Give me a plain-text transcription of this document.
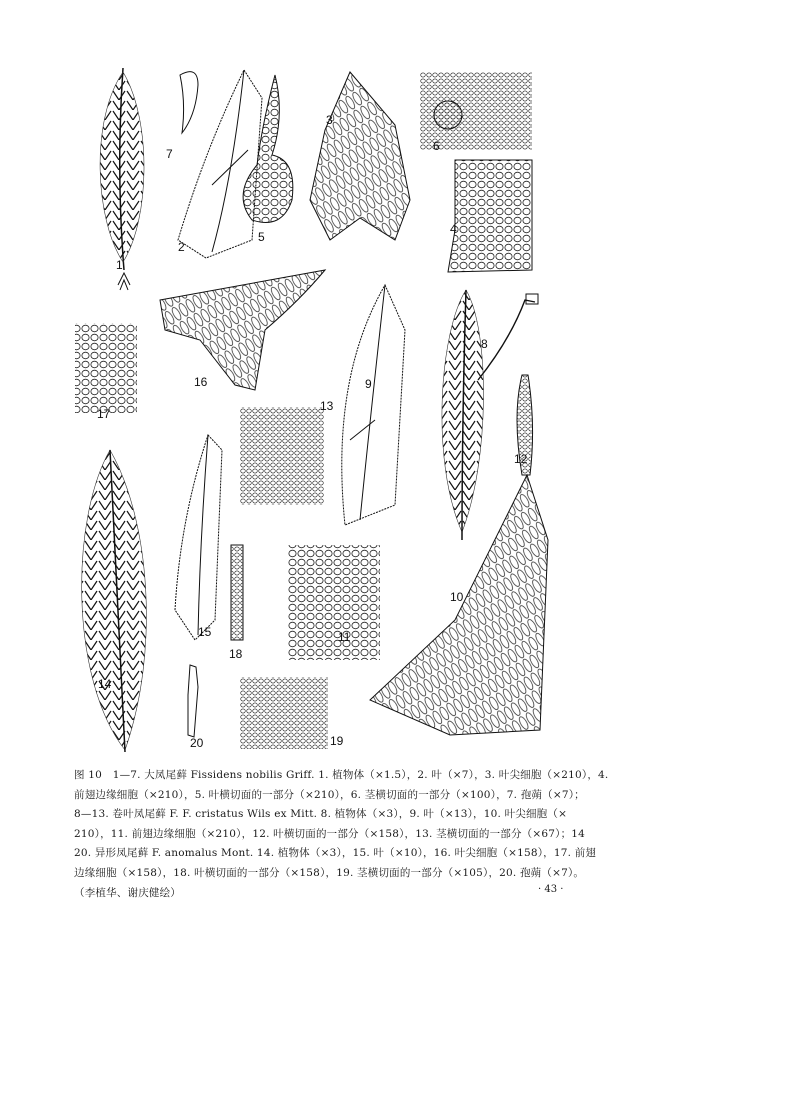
1
2
3
4
5
6
7
8
9
10
11
12
13
14
15
16
17
18
19
20
图 10　1—7. 大凤尾藓 Fissidens nobilis Griff. 1. 植物体（×1.5），2. 叶（×7），3. 叶尖细胞（×210），4.
前翅边缘细胞（×210），5. 叶横切面的一部分（×210），6. 茎横切面的一部分（×100），7. 孢蒴（×7）；
8—13. 卷叶凤尾藓 F. F. cristatus Wils ex Mitt. 8. 植物体（×3），9. 叶（×13），10. 叶尖细胞（×
210），11. 前翅边缘细胞（×210），12. 叶横切面的一部分（×158），13. 茎横切面的一部分（×67）；14
20. 异形凤尾藓 F. anomalus Mont. 14. 植物体（×3），15. 叶（×10），16. 叶尖细胞（×158），17. 前翅
边缘细胞（×158），18. 叶横切面的一部分（×158），19. 茎横切面的一部分（×105），20. 孢蒴（×7）。
（李植华、谢庆健绘）	· 43 ·
